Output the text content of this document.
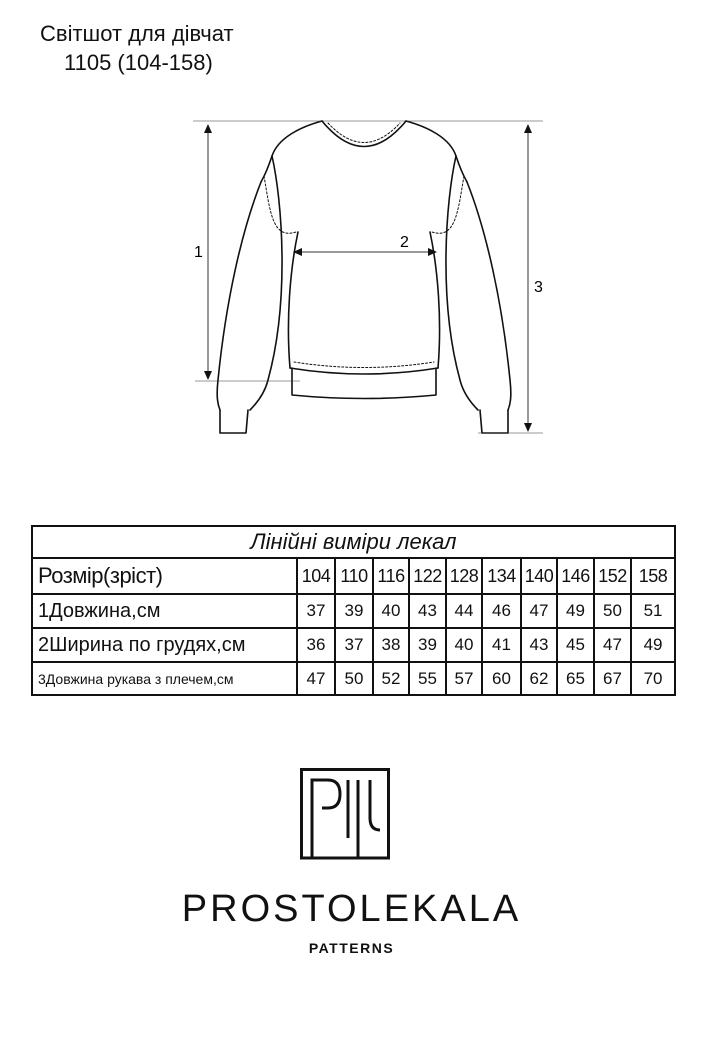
Світшот для дівчат
1105 (104-158)
1
2
3
Лінійні виміри лекал										
Розмір(зріст)	104	110	116	122	128	134	140	146	152	158
1Довжина,см	37	39	40	43	44	46	47	49	50	51
2Ширина по грудях,см	36	37	38	39	40	41	43	45	47	49
3Довжина рукава з плечем,см	47	50	52	55	57	60	62	65	67	70
PROSTOLEKALA
PATTERNS
